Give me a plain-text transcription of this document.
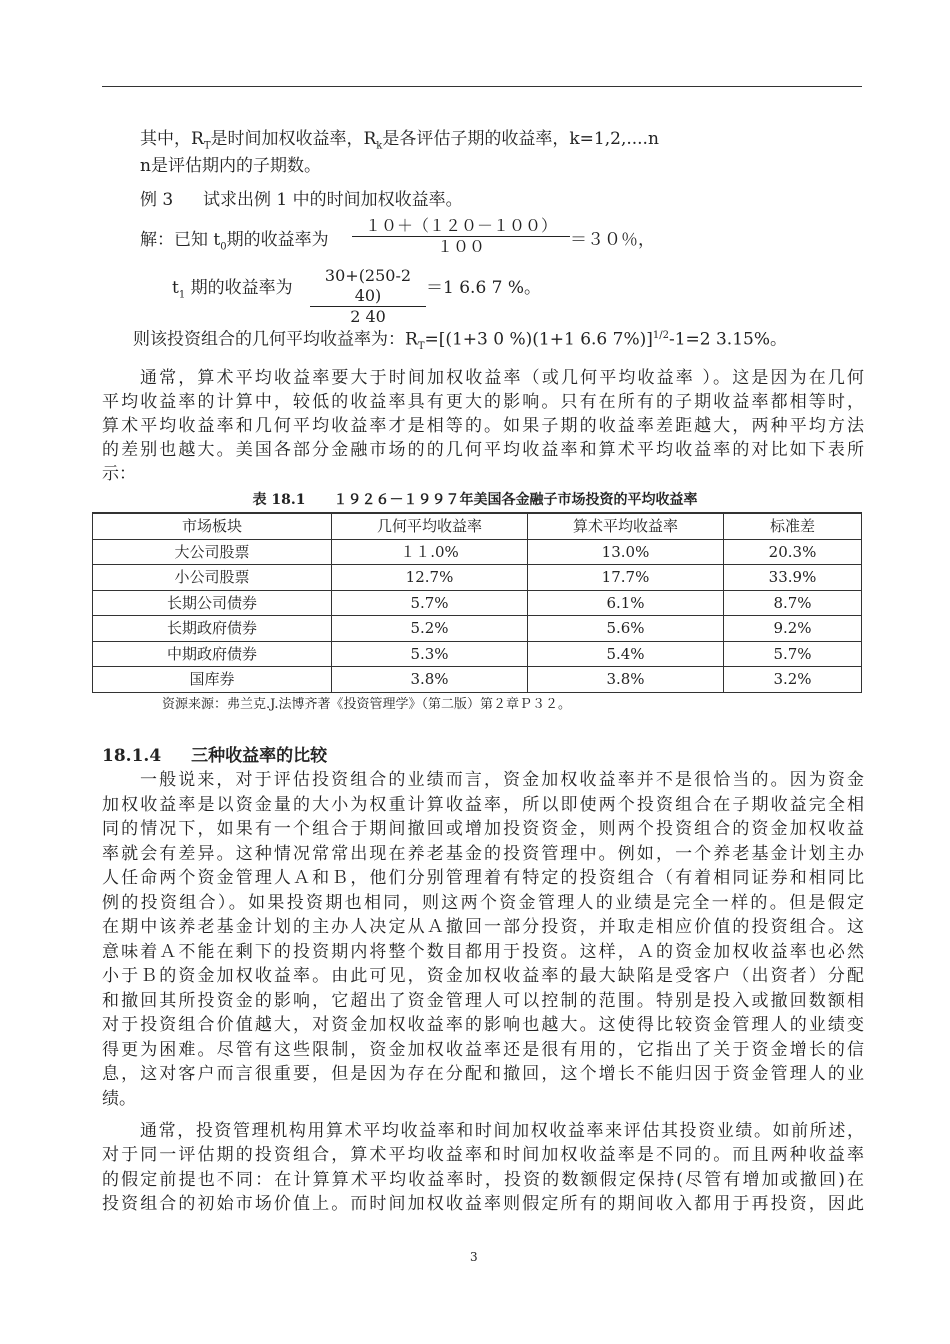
其中，$R_T$是时间加权收益率，$R_k$是各评估子期的收益率，k=1,2,....n
n是评估期内的子期数。
例 3 试求出例 1 中的时间加权收益率。
解：已知 $t_0$期的收益率为
１０＋（１２０－１００）
１００	＝３０％，
$t_1$ 期的收益率为 $\frac{30+(250-2 40)}{2 40} =1$ 6.6 7 %。
则该投资组合的几何平均收益率为：$R_T=[(1+3$ 0 %)(1+1 6.6 7%)]$^{1/2}$-1=2 3.15%。
通常，算术平均收益率要大于时间加权收益率（或几何平均收益率 ）。这是因为在几何
平均收益率的计算中，较低的收益率具有更大的影响。只有在所有的子期收益率都相等时，
算术平均收益率和几何平均收益率才是相等的。如果子期的收益率差距越大，两种平均方法
的差别也越大。美国各部分金融市场的的几何平均收益率和算术平均收益率的对比如下表所
示：
表 18.1　　１９２６－１９９７年美国各金融子市场投资的平均收益率
市场板块	几何平均收益率	算术平均收益率	标准差
大公司股票	１１.0%	13.0%	20.3%
小公司股票	12.7%	17.7%	33.9%
长期公司债券	5.7%	6.1%	8.7%
长期政府债券	5.2%	5.6%	9.2%
中期政府债券	5.3%	5.4%	5.7%
国库券	3.8%	3.8%	3.2%
资源来源：弗兰克.J.法博齐著《投资管理学》（第二版）第２章Ｐ３２。
18.1.4 三种收益率的比较
一般说来，对于评估投资组合的业绩而言，资金加权收益率并不是很恰当的。因为资金
加权收益率是以资金量的大小为权重计算收益率，所以即使两个投资组合在子期收益完全相
同的情况下，如果有一个组合于期间撤回或增加投资资金，则两个投资组合的资金加权收益
率就会有差异。这种情况常常出现在养老基金的投资管理中。例如，一个养老基金计划主办
人任命两个资金管理人Ａ和Ｂ，他们分别管理着有特定的投资组合（有着相同证券和相同比
例的投资组合）。如果投资期也相同，则这两个资金管理人的业绩是完全一样的。但是假定
在期中该养老基金计划的主办人决定从Ａ撤回一部分投资，并取走相应价值的投资组合。这
意味着Ａ不能在剩下的投资期内将整个数目都用于投资。这样，Ａ的资金加权收益率也必然
小于Ｂ的资金加权收益率。由此可见，资金加权收益率的最大缺陷是受客户（出资者）分配
和撤回其所投资金的影响，它超出了资金管理人可以控制的范围。特别是投入或撤回数额相
对于投资组合价值越大，对资金加权收益率的影响也越大。这使得比较资金管理人的业绩变
得更为困难。尽管有这些限制，资金加权收益率还是很有用的，它指出了关于资金增长的信
息，这对客户而言很重要，但是因为存在分配和撤回，这个增长不能归因于资金管理人的业
绩。
通常，投资管理机构用算术平均收益率和时间加权收益率来评估其投资业绩。如前所述，
对于同一评估期的投资组合，算术平均收益率和时间加权收益率是不同的。而且两种收益率
的假定前提也不同：在计算算术平均收益率时，投资的数额假定保持(尽管有增加或撤回)在
投资组合的初始市场价值上。而时间加权收益率则假定所有的期间收入都用于再投资，因此
3
